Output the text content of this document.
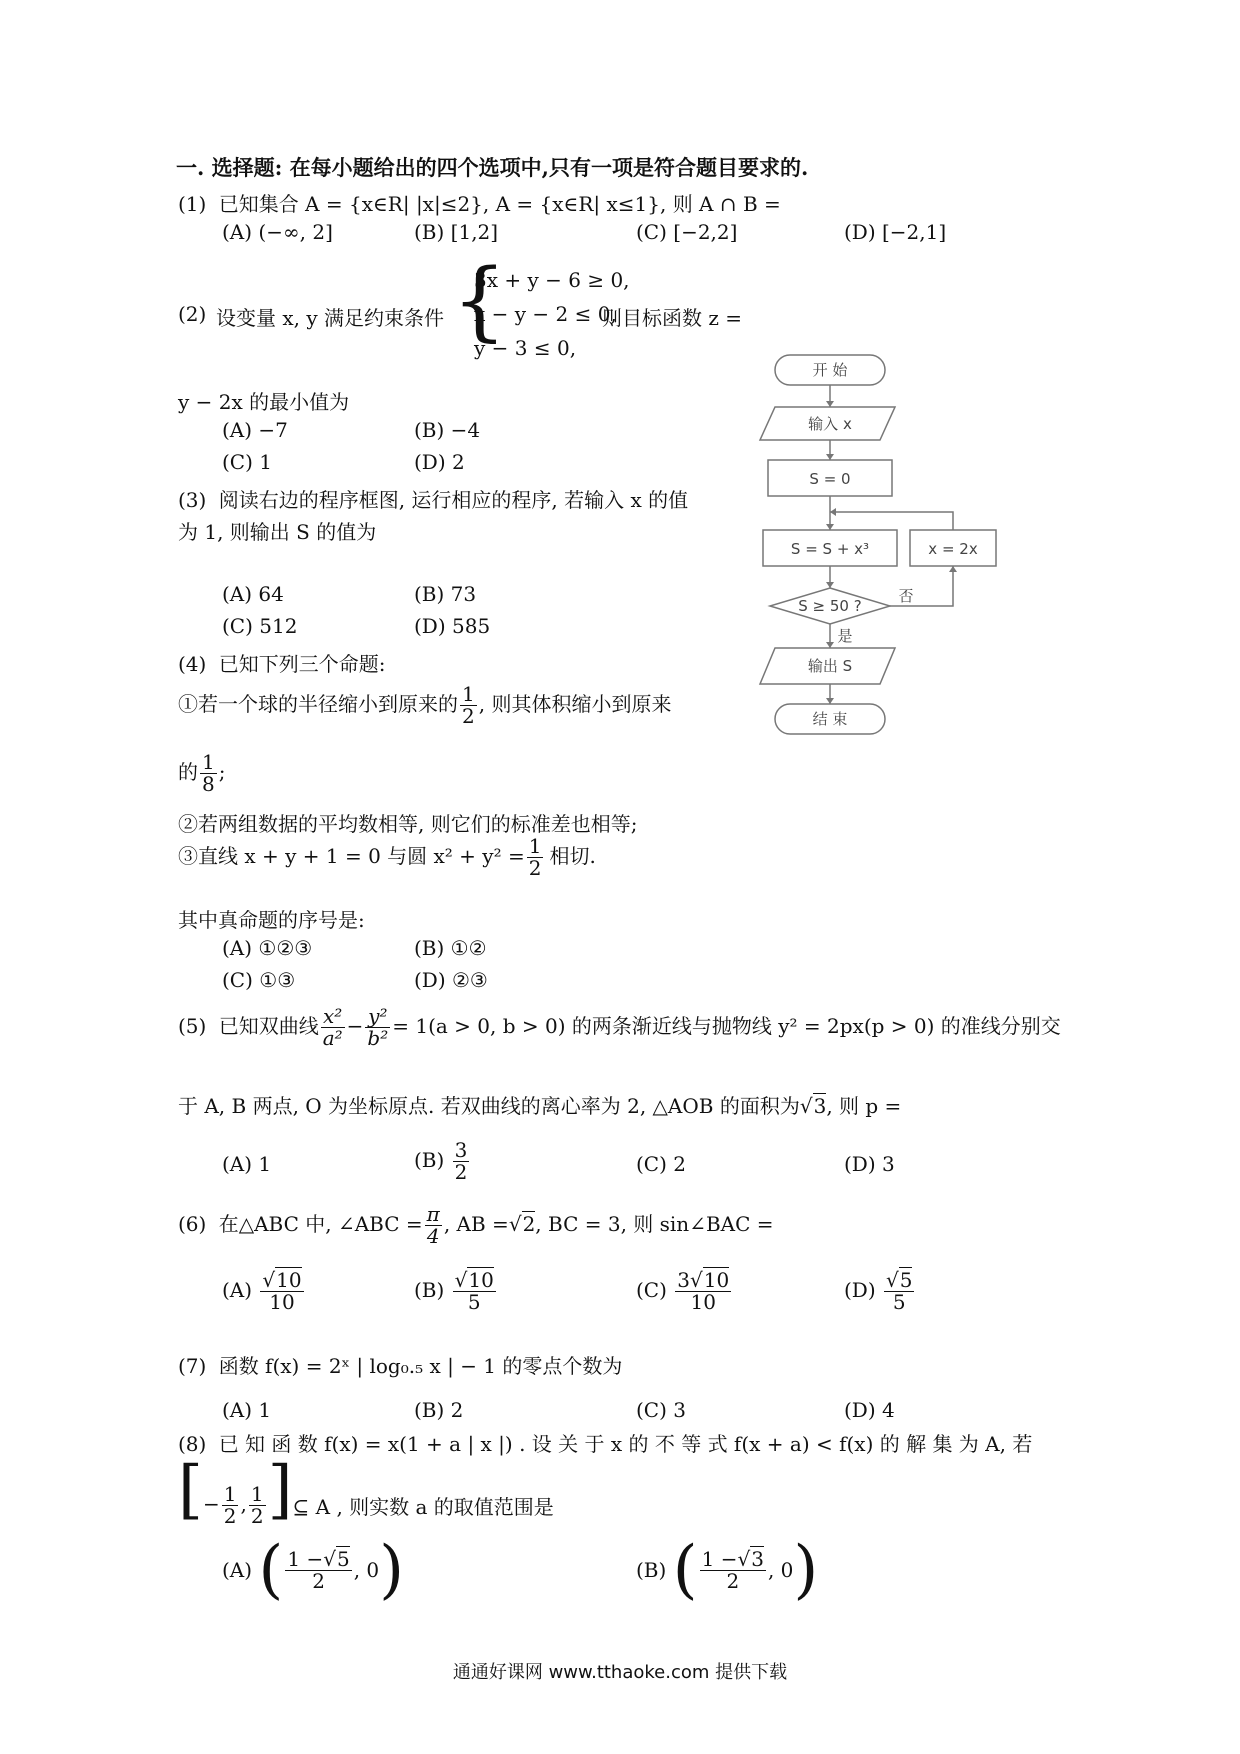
一. 选择题: 在每小题给出的四个选项中,只有一项是符合题目要求的.
(1) 已知集合 A = {x∈R| |x|≤2}, A = {x∈R| x≤1}, 则 A ∩ B =
(A) (−∞, 2]	(B) [1,2]	(C) [−2,2]	(D) [−2,1]
(2) 设变量 x, y 满足约束条件 {
3x + y − 6 ≥ 0,
x − y − 2 ≤ 0,
y − 3 ≤ 0,
则目标函数 z =
y − 2x 的最小值为
(A) −7	(B) −4
(C) 1	(D) 2
(3) 阅读右边的程序框图, 运行相应的程序, 若输入 x 的值
为 1, 则输出 S 的值为
(A) 64	(B) 73
(C) 512	(D) 585
开 始
输入 x
S = 0
S = S + x³	x = 2x
S ≥ 50 ?
否
是
输出 S
结 束
(4) 已知下列三个命题:
①若一个球的半径缩小到原来的 $\frac{1}{2}$ , 则其体积缩小到原来
的 $\frac{1}{8}$ ;
②若两组数据的平均数相等, 则它们的标准差也相等;
③直线 x + y + 1 = 0 与圆 $x^2 + y^2 = \frac{1}{2}$ 相切.
其中真命题的序号是:
(A) ①②③	(B) ①②
(C) ①③	(D) ②③
(5) 已知双曲线 $\frac{\text{x²}}{\text{a²}} - \frac{\text{y²}}{\text{b²}} = 1(a > 0$, b > 0) 的两条渐近线与抛物线 y² = 2px(p > 0) 的准线分别交
于 A, B 两点, O 为坐标原点. 若双曲线的离心率为 2, △AOB 的面积为√3, 则 p =
(A) 1	$(B) \frac{3}{2}$	(C) 2	(D) 3
(6) 在△ABC 中, ∠ABC = $\frac{\pi}{4}$ , AB =√2, BC = 3, 则 sin∠BAC =
$(A) \frac{√10}{10}$	$(B) \frac{√10}{5}$	$(C) \frac{3√10}{10}$	$(D) \frac{√5}{5}$
(7) 函数 f(x) = 2ˣ | log₀.₅ x | − 1 的零点个数为
(A) 1	(B) 2	(C) 3	(D) 4
(8) 已 知 函 数 f(x) = x(1 + a | x |) . 设 关 于 x 的 不 等 式 f(x + a) < f(x) 的 解 集 为 A, 若
[− $\frac{1}{2}$ , $\frac{1}{2}$ ]⊆ A , 则实数 a 的取值范围是
(A) ( $\frac{1 -√5}{2}$ , 0)	(B) ( $\frac{1 -√3}{2}$ , 0)
通通好课网 www.tthaoke.com 提供下载
